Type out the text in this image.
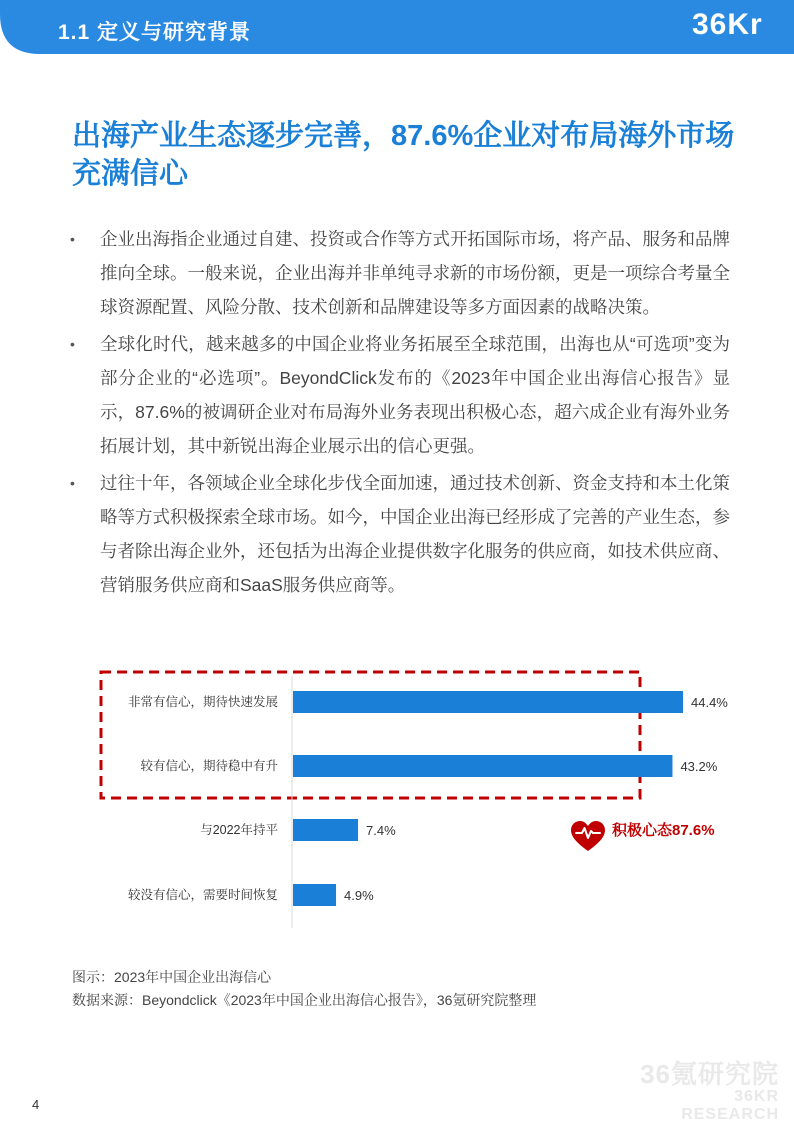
1.1 定义与研究背景	36Kr
出海产业生态逐步完善，87.6%企业对布局海外市场充满信心
• 企业出海指企业通过自建、投资或合作等方式开拓国际市场，将产品、服务和品牌推向全球。一般来说，企业出海并非单纯寻求新的市场份额，更是一项综合考量全球资源配置、风险分散、技术创新和品牌建设等多方面因素的战略决策。
• 全球化时代，越来越多的中国企业将业务拓展至全球范围，出海也从“可选项”变为部分企业的“必选项”。BeyondClick发布的《2023年中国企业出海信心报告》显示，87.6%的被调研企业对布局海外业务表现出积极心态，超六成企业有海外业务拓展计划，其中新锐出海企业展示出的信心更强。
• 过往十年，各领域企业全球化步伐全面加速，通过技术创新、资金支持和本土化策略等方式积极探索全球市场。如今，中国企业出海已经形成了完善的产业生态，参与者除出海企业外，还包括为出海企业提供数字化服务的供应商，如技术供应商、营销服务供应商和SaaS服务供应商等。
非常有信心，期待快速发展	44.4%
较有信心，期待稳中有升	43.2%
与2022年持平	7.4%
较没有信心，需要时间恢复	4.9%
积极心态87.6%
图示：2023年中国企业出海信心
数据来源：Beyondclick《2023年中国企业出海信心报告》，36氪研究院整理
36氪研究院
36KR RESEARCH
4
